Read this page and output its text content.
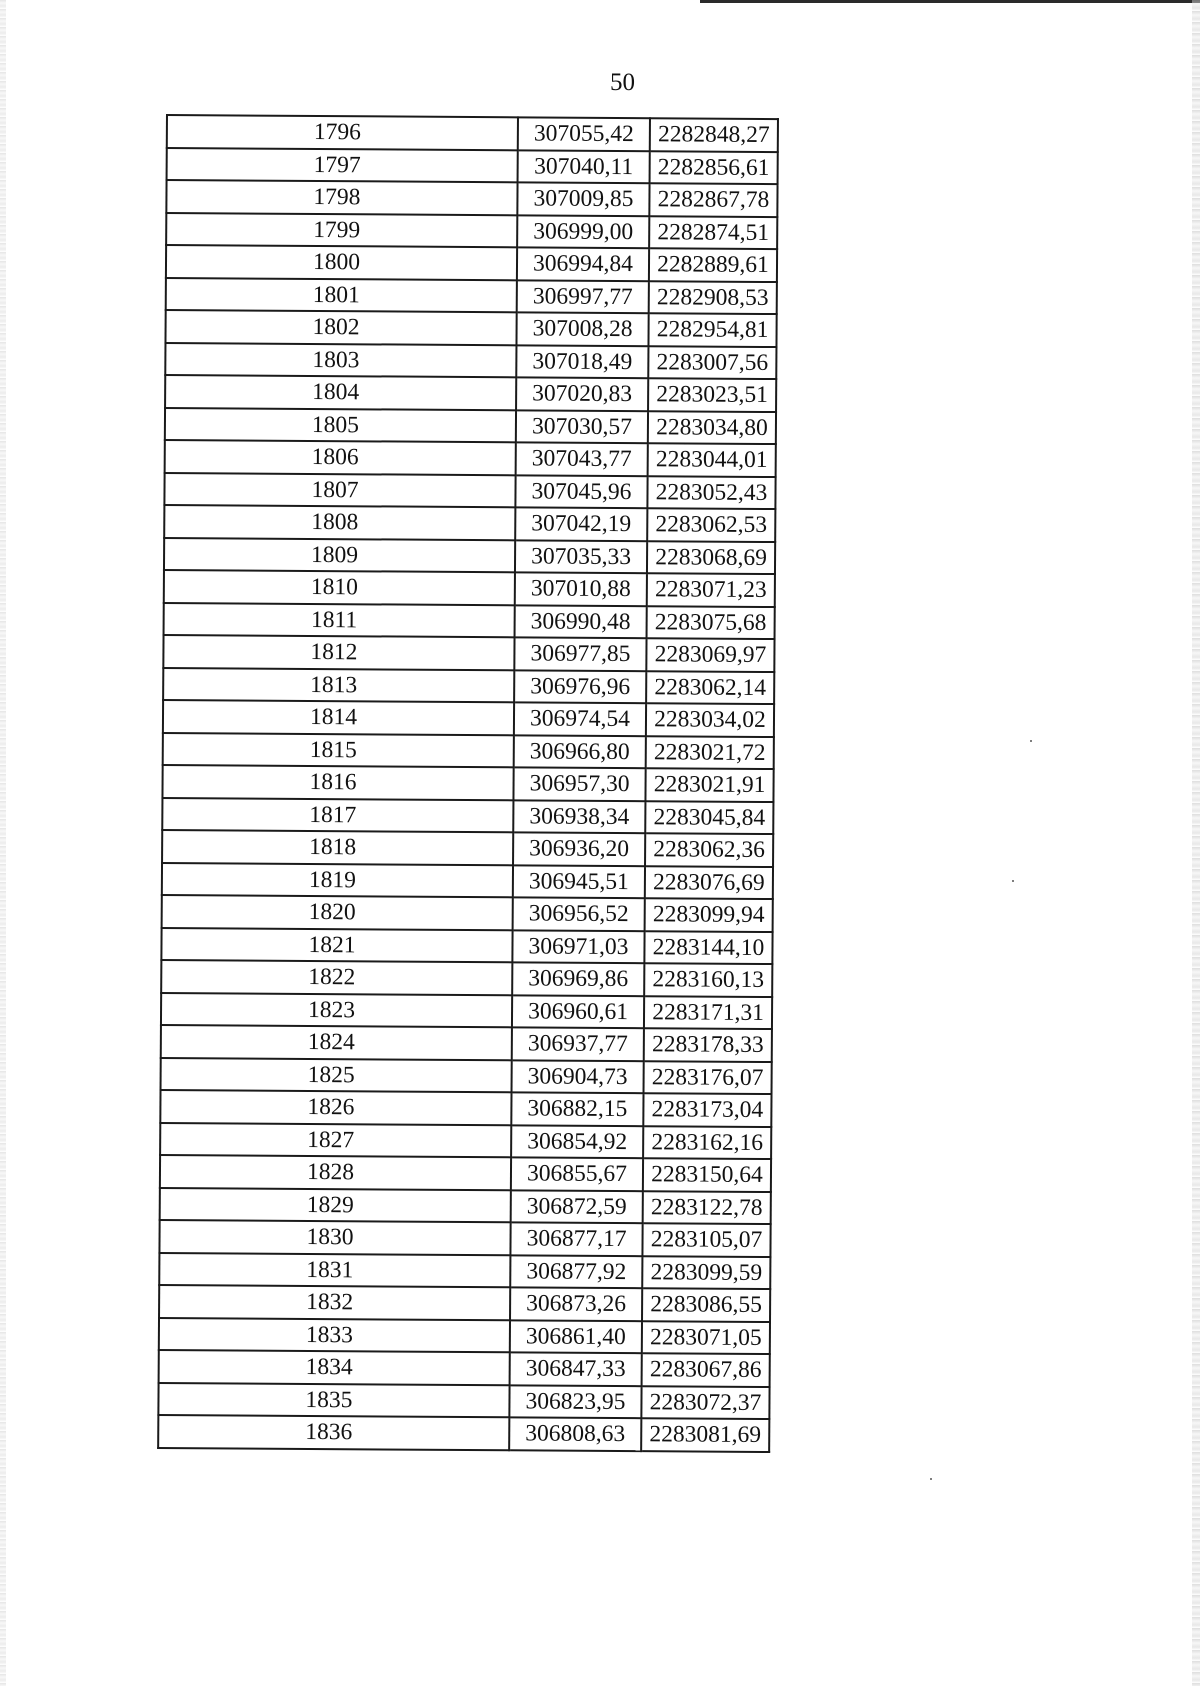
50
1796	307055,42	2282848,27
1797	307040,11	2282856,61
1798	307009,85	2282867,78
1799	306999,00	2282874,51
1800	306994,84	2282889,61
1801	306997,77	2282908,53
1802	307008,28	2282954,81
1803	307018,49	2283007,56
1804	307020,83	2283023,51
1805	307030,57	2283034,80
1806	307043,77	2283044,01
1807	307045,96	2283052,43
1808	307042,19	2283062,53
1809	307035,33	2283068,69
1810	307010,88	2283071,23
1811	306990,48	2283075,68
1812	306977,85	2283069,97
1813	306976,96	2283062,14
1814	306974,54	2283034,02
1815	306966,80	2283021,72
1816	306957,30	2283021,91
1817	306938,34	2283045,84
1818	306936,20	2283062,36
1819	306945,51	2283076,69
1820	306956,52	2283099,94
1821	306971,03	2283144,10
1822	306969,86	2283160,13
1823	306960,61	2283171,31
1824	306937,77	2283178,33
1825	306904,73	2283176,07
1826	306882,15	2283173,04
1827	306854,92	2283162,16
1828	306855,67	2283150,64
1829	306872,59	2283122,78
1830	306877,17	2283105,07
1831	306877,92	2283099,59
1832	306873,26	2283086,55
1833	306861,40	2283071,05
1834	306847,33	2283067,86
1835	306823,95	2283072,37
1836	306808,63	2283081,69
